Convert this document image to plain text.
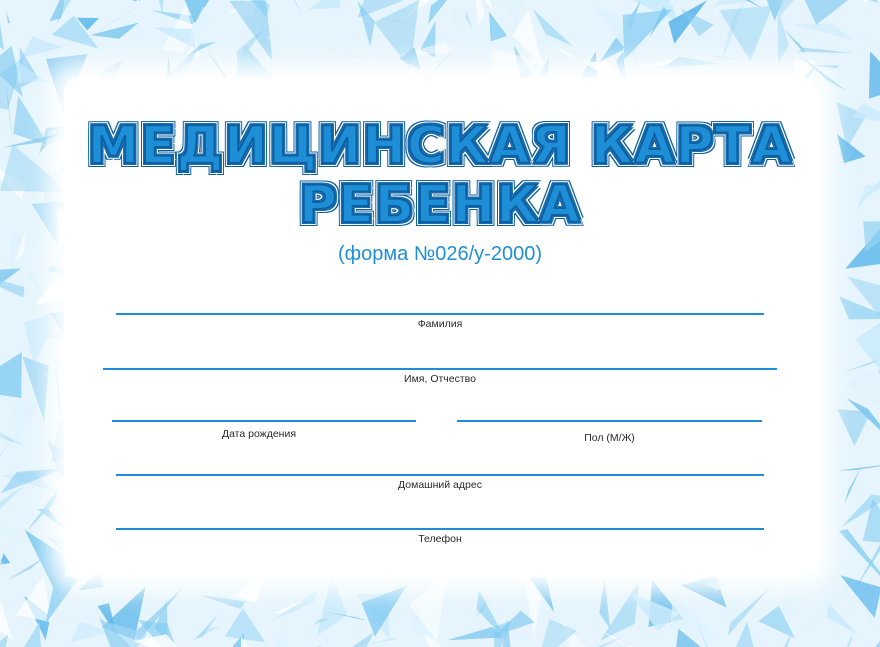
МЕДИЦИНСКАЯ КАРТА
РЕБЕНКА
(форма №026/у-2000)
Фамилия
Имя, Отчество
Дата рождения	Пол (М/Ж)
Домашний адрес
Телефон
